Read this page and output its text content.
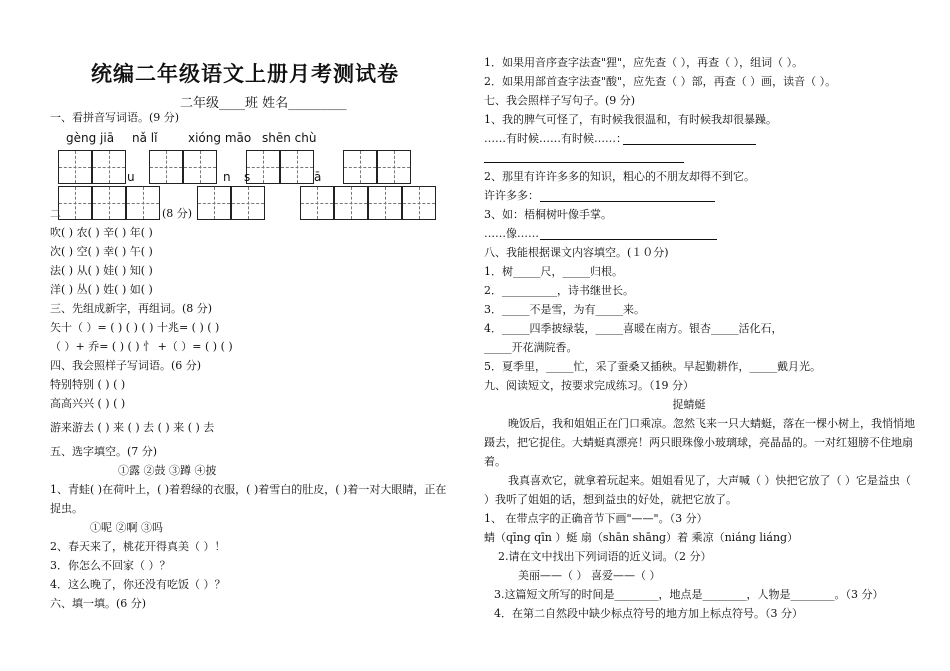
统编二年级语文上册月考测试卷
二年级____班 姓名_________
一、看拼音写词语。(9 分)
gèng jiā nǎ lǐ	xióng māo shēn chù
u	n s	ā
(8 分)
二
吹( ) 农( ) 辛( ) 年( )
次( ) 空( ) 幸( ) 午( )
法( ) 从( ) 娃( ) 知( )
洋( ) 丛( ) 姓( ) 如( )
三、先组成新字，再组词。(8 分)
矢十（ ）= ( ) ( ) ( ) 十兆= ( ) ( )
（ ）+ 乔= ( ) ( ) 忄 +（ ）= ( ) ( )
四、我会照样子写词语。(6 分)
特别特别 ( ) ( )
高高兴兴 ( ) ( )
游来游去 ( ) 来 ( ) 去 ( ) 来 ( ) 去
五、选字填空。(7 分)
①露 ②鼓 ③蹲 ④披
1、青蛙( )在荷叶上，( )着碧绿的衣服，( )着雪白的肚皮，( )着一对大眼睛，正在
捉虫。
①呢 ②啊 ③吗
2、春天来了，桃花开得真美（ ）！
3．你怎么不回家（ ）？
4．这么晚了，你还没有吃饭（ ）？
六、填一填。(6 分)
1．如果用音序查字法查"狸"，应先查（ ），再查（ ），组词（ ）。
2．如果用部首查字法查"酸"，应先查（ ）部，再查（ ）画，读音（ ）。
七、我会照样子写句子。(9 分)
1、我的脾气可怪了，有时候我很温和，有时候我却很暴躁。
……有时候……有时候……：
2、那里有许许多多的知识，粗心的不朋友却得不到它。
许许多多：
3、如：梧桐树叶像手掌。
……像……
八、我能根据课文内容填空。(１０分)
1．树_____尺，_____归根。
2．__________，诗书继世长。
3．_____不是雪，为有_____来。
4．_____四季披绿装，_____喜暖在南方。银杏_____活化石，
_____开花满院香。
5．夏季里，_____忙，采了蚕桑又插秧。早起勤耕作，_____戴月光。
九、阅读短文，按要求完成练习。（19 分）
捉蜻蜓
晚饭后，我和姐姐正在门口乘凉。忽然飞来一只大蜻蜓，落在一棵小树上，我悄悄地
蹑去，把它捉住。大蜻蜓真漂亮！两只眼珠像小玻璃球，亮晶晶的。一对红翅膀不住地扇
着。
我真喜欢它，就拿着玩起来。姐姐看见了，大声喊（ ）快把它放了（ ）它是益虫（
）我听了姐姐的话，想到益虫的好处，就把它放了。
1、 在带点字的正确音节下画"——"。（3 分）
蜻（qīng qīn ）蜓 扇（shān shāng）着 乘凉（niáng liáng）
2.请在文中找出下列词语的近义词。（2 分）
美丽——（ ） 喜爱——（ ）
3.这篇短文所写的时间是________，地点是________，人物是________。（3 分）
4．在第二自然段中缺少标点符号的地方加上标点符号。（3 分）
